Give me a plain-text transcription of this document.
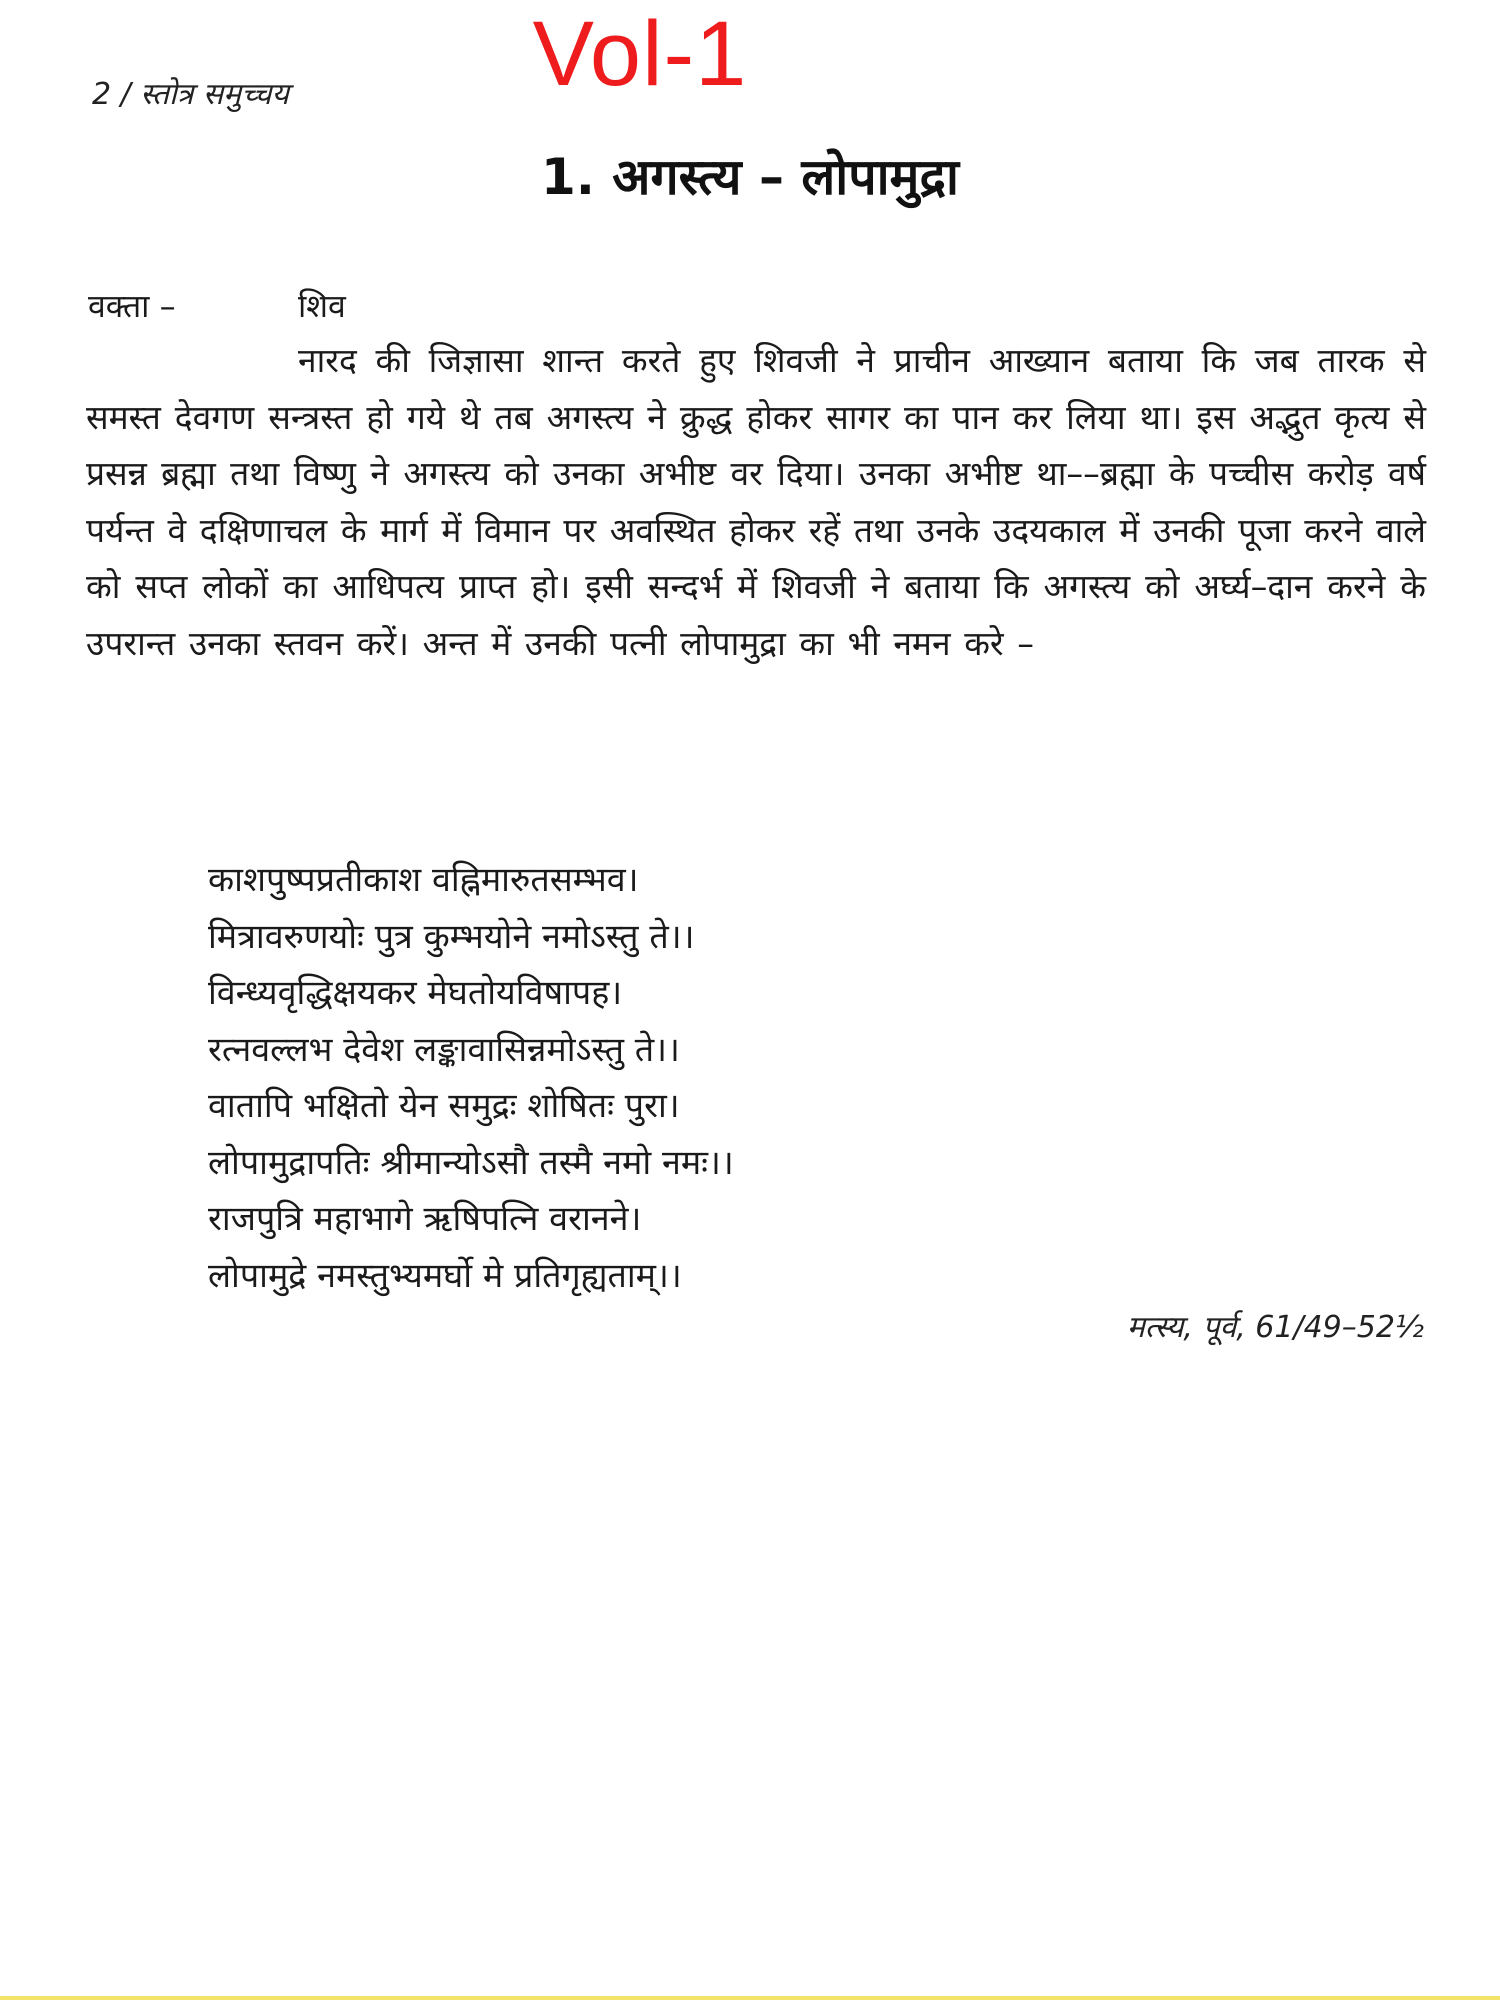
Vol-1
2 / स्तोत्र समुच्चय
1. अगस्त्य – लोपामुद्रा
वक्ता –	शिव
नारद की जिज्ञासा शान्त करते हुए शिवजी ने प्राचीन आख्यान बताया कि जब तारक से समस्त देवगण सन्त्रस्त हो गये थे तब अगस्त्य ने क्रुद्ध होकर सागर का पान कर लिया था। इस अद्भुत कृत्य से प्रसन्न ब्रह्मा तथा विष्णु ने अगस्त्य को उनका अभीष्ट वर दिया। उनका अभीष्ट था––ब्रह्मा के पच्चीस करोड़ वर्ष पर्यन्त वे दक्षिणाचल के मार्ग में विमान पर अवस्थित होकर रहें तथा उनके उदयकाल में उनकी पूजा करने वाले को सप्त लोकों का आधिपत्य प्राप्त हो। इसी सन्दर्भ में शिवजी ने बताया कि अगस्त्य को अर्घ्य–दान करने के उपरान्त उनका स्तवन करें। अन्त में उनकी पत्नी लोपामुद्रा का भी नमन करे –
काशपुष्पप्रतीकाश वह्निमारुतसम्भव।
मित्रावरुणयोः पुत्र कुम्भयोने नमोऽस्तु ते।।
विन्ध्यवृद्धिक्षयकर मेघतोयविषापह।
रत्नवल्लभ देवेश लङ्कावासिन्नमोऽस्तु ते।।
वातापि भक्षितो येन समुद्रः शोषितः पुरा।
लोपामुद्रापतिः श्रीमान्योऽसौ तस्मै नमो नमः।।
राजपुत्रि महाभागे ऋषिपत्नि वरानने।
लोपामुद्रे नमस्तुभ्यमर्घो मे प्रतिगृह्यताम्।।
मत्स्य, पूर्व, 61/49–52½
